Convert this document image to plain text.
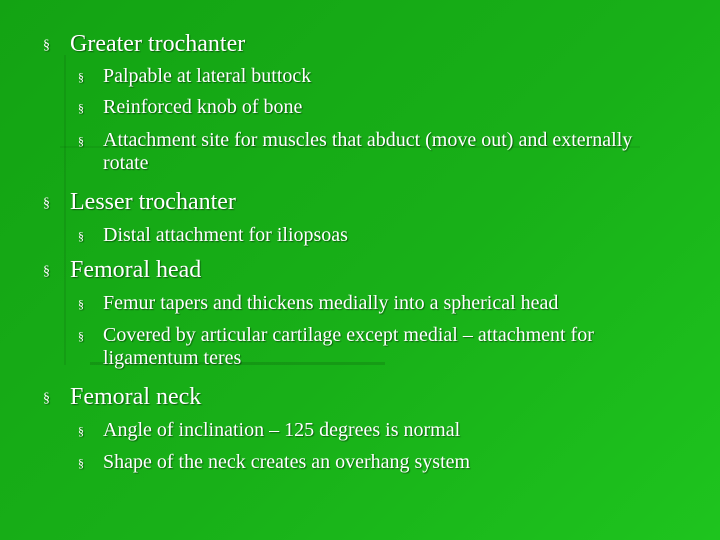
§ Greater trochanter
§ Palpable at lateral buttock
§ Reinforced knob of bone
§ Attachment site for muscles that abduct (move out) and externally rotate
§ Lesser trochanter
§ Distal attachment for iliopsoas
§ Femoral head
§ Femur tapers and thickens medially into a spherical head
§ Covered by articular cartilage except medial – attachment for ligamentum teres
§ Femoral neck
§ Angle of inclination – 125 degrees is normal
§ Shape of the neck creates an overhang system
